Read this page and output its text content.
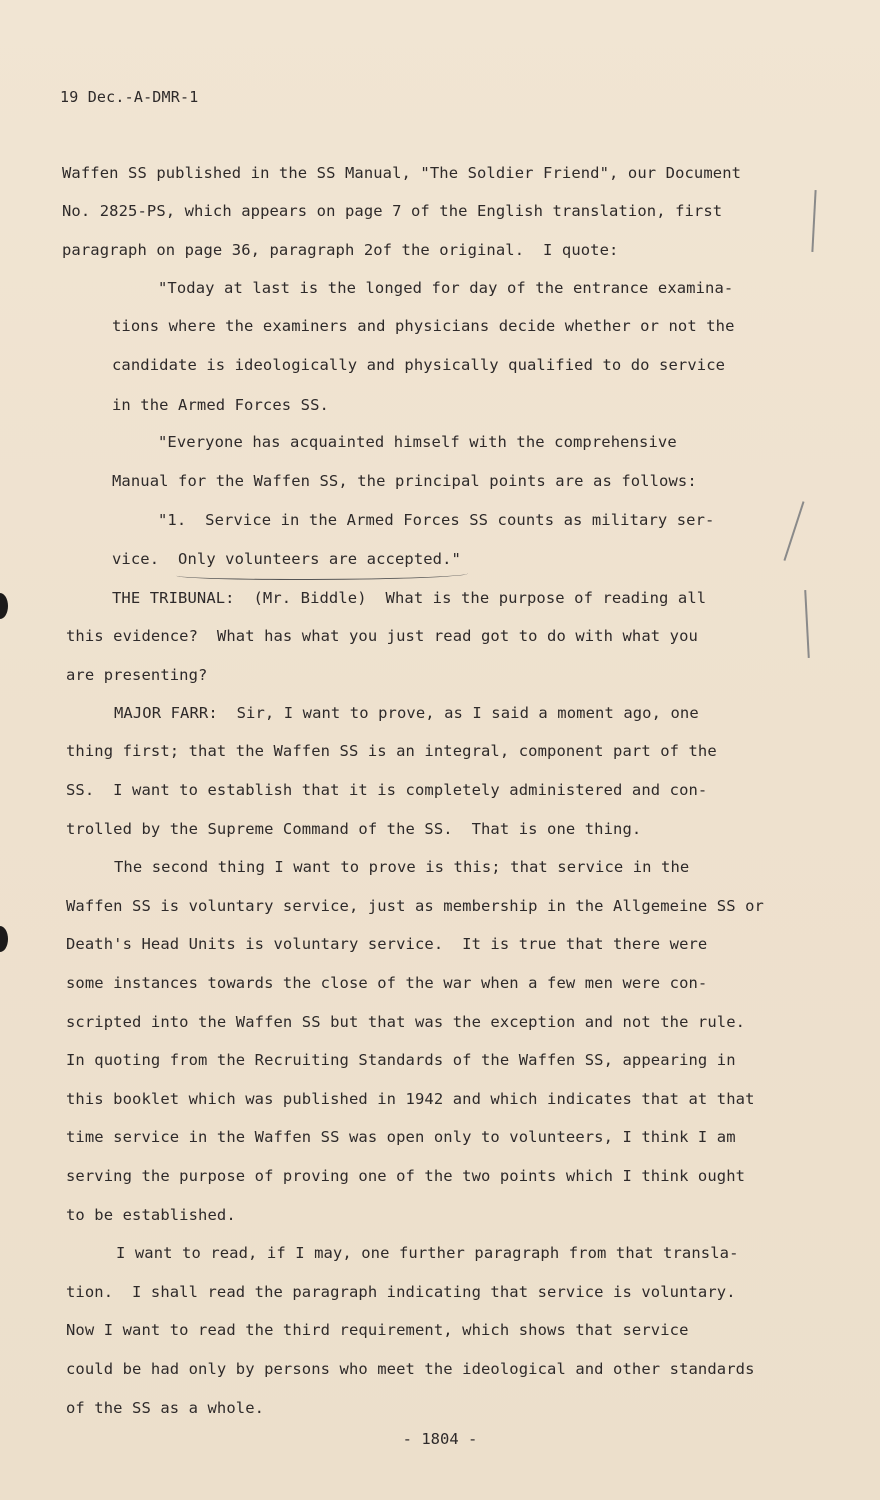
19 Dec.-A-DMR-1
Waffen SS published in the SS Manual, "The Soldier Friend", our Document
No. 2825-PS, which appears on page 7 of the English translation, first
paragraph on page 36, paragraph 2of the original.  I quote:
"Today at last is the longed for day of the entrance examina-
tions where the examiners and physicians decide whether or not the
candidate is ideologically and physically qualified to do service
in the Armed Forces SS.
"Everyone has acquainted himself with the comprehensive
Manual for the Waffen SS, the principal points are as follows:
"1.  Service in the Armed Forces SS counts as military ser-
vice.  Only volunteers are accepted."
THE TRIBUNAL:  (Mr. Biddle)  What is the purpose of reading all
this evidence?  What has what you just read got to do with what you
are presenting?
MAJOR FARR:  Sir, I want to prove, as I said a moment ago, one
thing first; that the Waffen SS is an integral, component part of the
SS.  I want to establish that it is completely administered and con-
trolled by the Supreme Command of the SS.  That is one thing.
The second thing I want to prove is this; that service in the
Waffen SS is voluntary service, just as membership in the Allgemeine SS or
Death's Head Units is voluntary service.  It is true that there were
some instances towards the close of the war when a few men were con-
scripted into the Waffen SS but that was the exception and not the rule.
In quoting from the Recruiting Standards of the Waffen SS, appearing in
this booklet which was published in 1942 and which indicates that at that
time service in the Waffen SS was open only to volunteers, I think I am
serving the purpose of proving one of the two points which I think ought
to be established.
I want to read, if I may, one further paragraph from that transla-
tion.  I shall read the paragraph indicating that service is voluntary.
Now I want to read the third requirement, which shows that service
could be had only by persons who meet the ideological and other standards
of the SS as a whole.
- 1804 -
